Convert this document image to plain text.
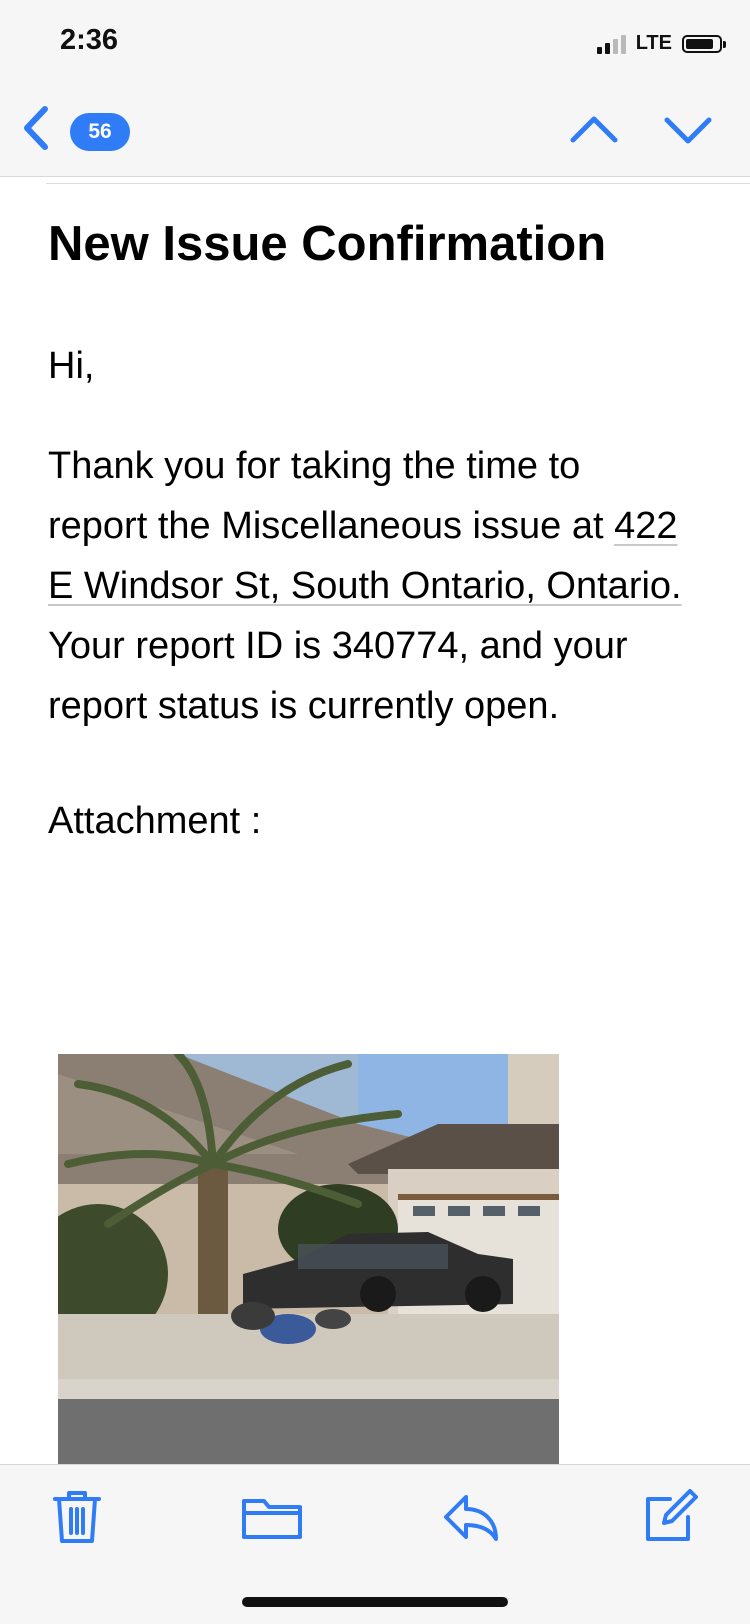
2:36	LTE
56
New Issue Confirmation

Hi,

Thank you for taking the time to report the Miscellaneous issue at 422 E Windsor St, South Ontario, Ontario.
Your report ID is 340774, and your report status is currently open.

Attachment :
